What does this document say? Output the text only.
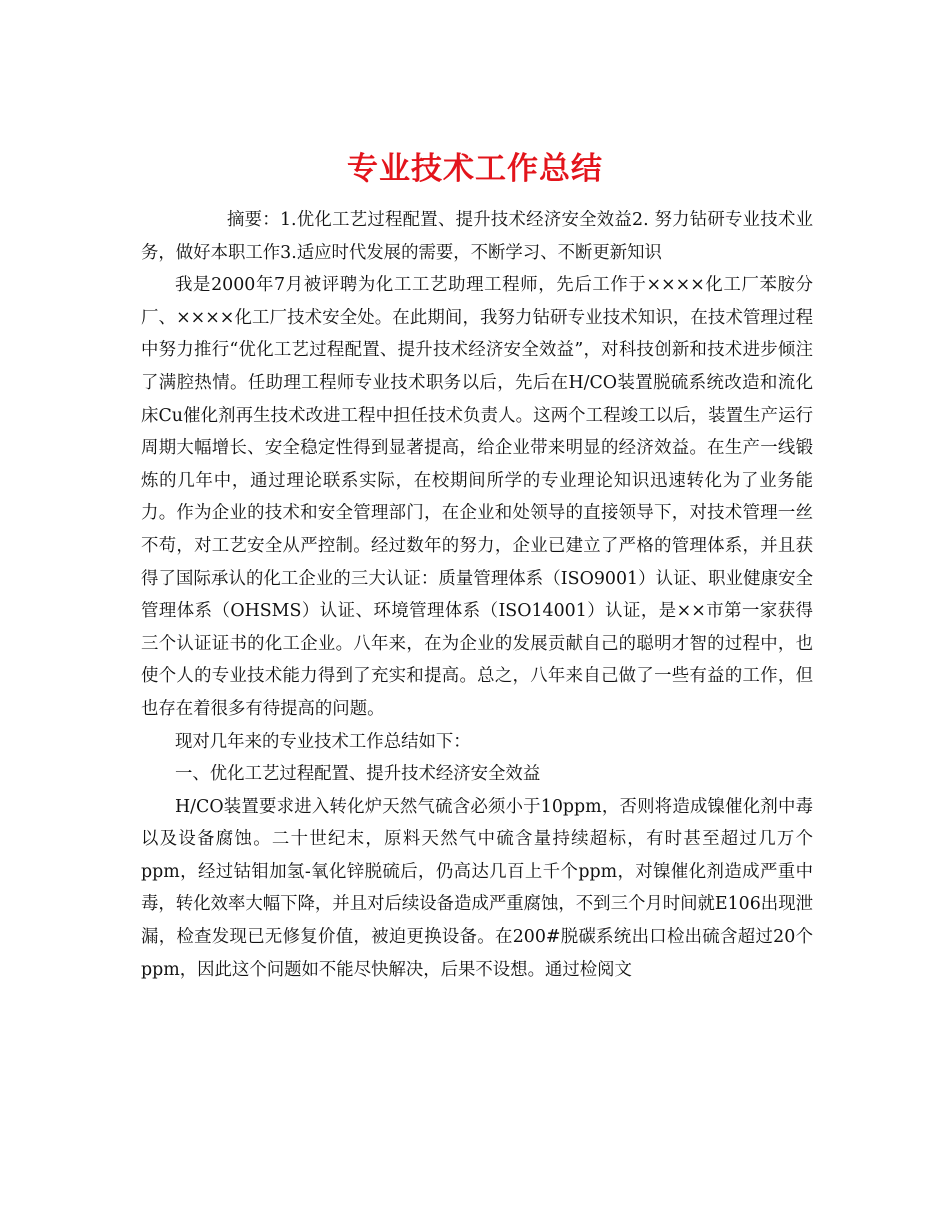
专业技术工作总结

摘要：1.优化工艺过程配置、提升技术经济安全效益2. 努力钻研专业技术业务，做好本职工作3.适应时代发展的需要，不断学习、不断更新知识

我是2000年7月被评聘为化工工艺助理工程师，先后工作于××××化工厂苯胺分厂、××××化工厂技术安全处。在此期间，我努力钻研专业技术知识，在技术管理过程中努力推行“优化工艺过程配置、提升技术经济安全效益”，对科技创新和技术进步倾注了满腔热情。任助理工程师专业技术职务以后，先后在H/CO装置脱硫系统改造和流化床Cu催化剂再生技术改进工程中担任技术负责人。这两个工程竣工以后，装置生产运行周期大幅增长、安全稳定性得到显著提高，给企业带来明显的经济效益。在生产一线锻炼的几年中，通过理论联系实际，在校期间所学的专业理论知识迅速转化为了业务能力。作为企业的技术和安全管理部门，在企业和处领导的直接领导下，对技术管理一丝不苟，对工艺安全从严控制。经过数年的努力，企业已建立了严格的管理体系，并且获得了国际承认的化工企业的三大认证：质量管理体系（ISO9001）认证、职业健康安全管理体系（OHSMS）认证、环境管理体系（ISO14001）认证，是××市第一家获得三个认证证书的化工企业。八年来，在为企业的发展贡献自己的聪明才智的过程中，也使个人的专业技术能力得到了充实和提高。总之，八年来自己做了一些有益的工作，但也存在着很多有待提高的问题。

现对几年来的专业技术工作总结如下：

一、优化工艺过程配置、提升技术经济安全效益

H/CO装置要求进入转化炉天然气硫含必须小于10ppm，否则将造成镍催化剂中毒以及设备腐蚀。二十世纪末，原料天然气中硫含量持续超标，有时甚至超过几万个ppm，经过钴钼加氢-氧化锌脱硫后，仍高达几百上千个ppm，对镍催化剂造成严重中毒，转化效率大幅下降，并且对后续设备造成严重腐蚀，不到三个月时间就E106出现泄漏，检查发现已无修复价值，被迫更换设备。在200#脱碳系统出口检出硫含超过20个ppm，因此这个问题如不能尽快解决，后果不设想。通过检阅文
